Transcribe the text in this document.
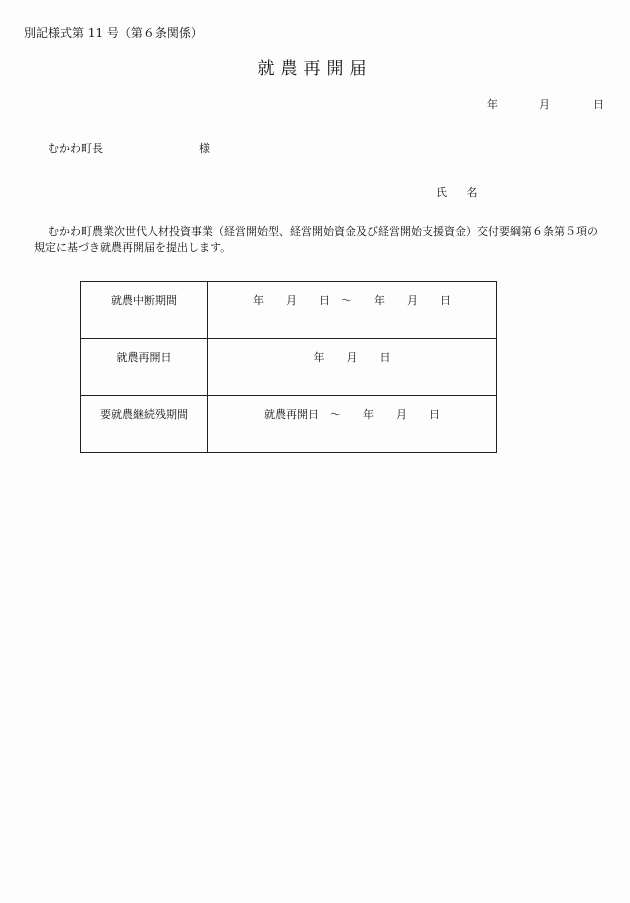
別記様式第 11 号（第６条関係）
就農再開届
年	月	日
むかわ町長	様
氏 名
むかわ町農業次世代人材投資事業（経営開始型、経営開始資金及び経営開始支援資金）交付要綱第６条第５項の規定に基づき就農再開届を提出します。
就農中断期間	年　　月　　日　〜　　年　　月　　日
就農再開日	年　　月　　日
要就農継続残期間	就農再開日　〜　　年　　月　　日
